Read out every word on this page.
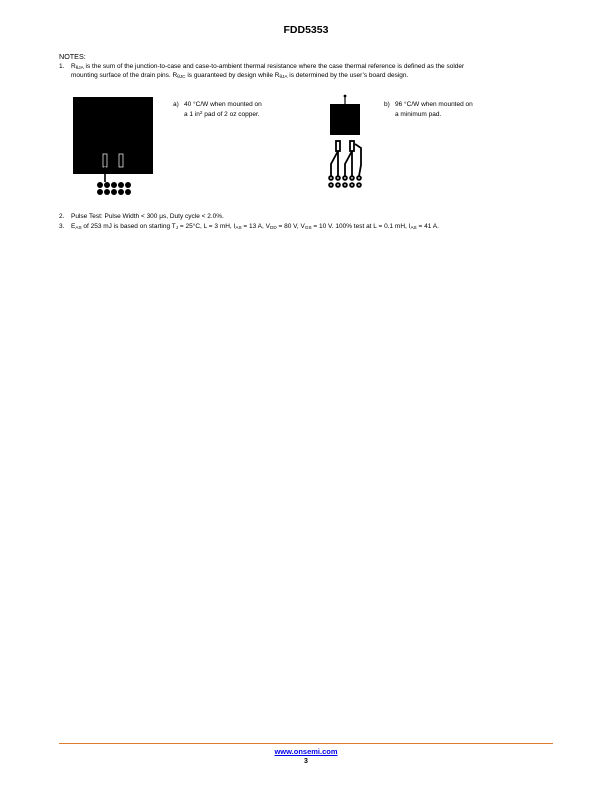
FDD5353
NOTES:
1. $R_{\theta JA}$ is the sum of the junction-to-case and case-to-ambient thermal resistance where the case thermal reference is defined as the solder
mounting surface of the drain pins. $R_{\theta JC}$ is guaranteed by design while $R_{\theta JA}$ is determined by the user’s board design.
a) 40 °C/W when mounted on
a 1 $in^2$ pad of 2 oz copper.
b) 96 °C/W when mounted on
a minimum pad.
2. Pulse Test: Pulse Width < 300 μs, Duty cycle < 2.0%.
3. $E_{AS}$ of 253 mJ is based on starting $T_J = 25^\circ C$, L = 3 mH, $I_{AS} = 13$ A, $V_{DD} = 80$ V, $V_{GS} = 10$ V. 100% test at L = 0.1 mH, $I_{AS} = 41$ A.
www.onsemi.com
3
